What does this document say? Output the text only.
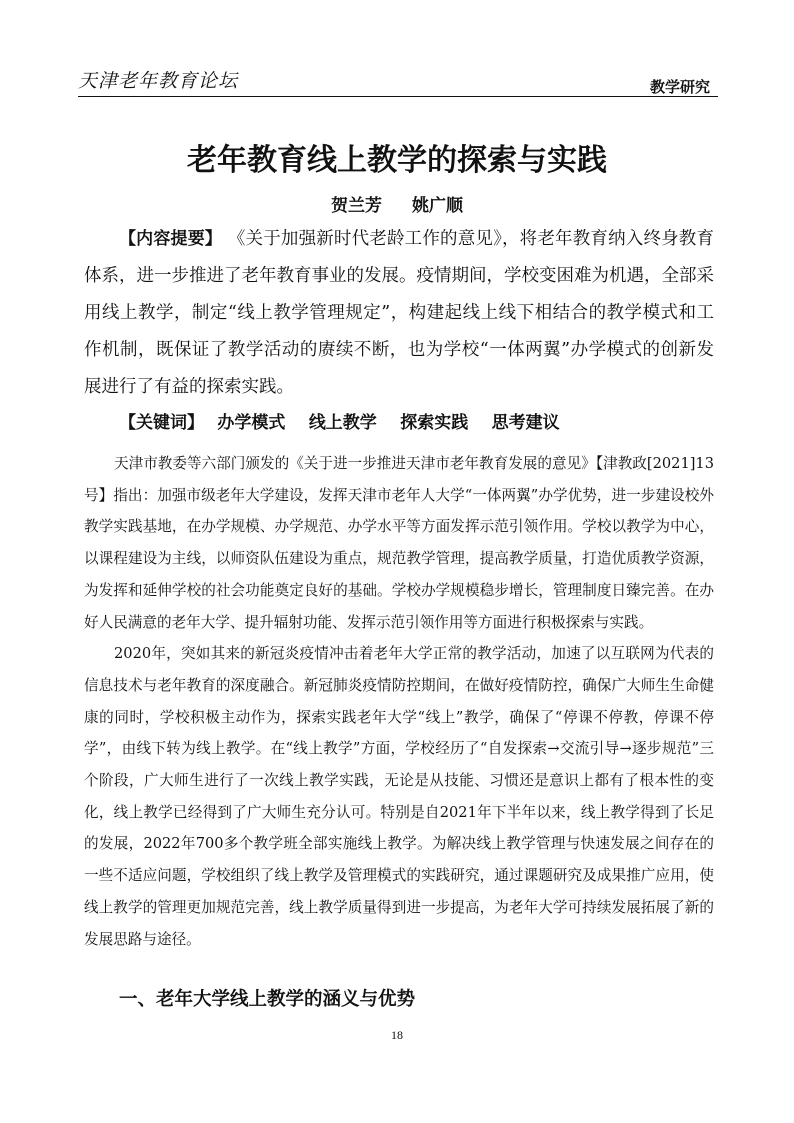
天津老年教育论坛	教学研究
老年教育线上教学的探索与实践
贺兰芳 姚广顺

【内容提要】 《关于加强新时代老龄工作的意见》，将老年教育纳入终身教育体系，进一步推进了老年教育事业的发展。疫情期间，学校变困难为机遇，全部采用线上教学，制定“线上教学管理规定”，构建起线上线下相结合的教学模式和工作机制，既保证了教学活动的赓续不断，也为学校“一体两翼”办学模式的创新发展进行了有益的探索实践。

【关键词】 办学模式 线上教学 探索实践 思考建议

天津市教委等六部门颁发的《关于进一步推进天津市老年教育发展的意见》【津教政[2021]13号】指出：加强市级老年大学建设，发挥天津市老年人大学“一体两翼”办学优势，进一步建设校外教学实践基地，在办学规模、办学规范、办学水平等方面发挥示范引领作用。学校以教学为中心，以课程建设为主线，以师资队伍建设为重点，规范教学管理，提高教学质量，打造优质教学资源，为发挥和延伸学校的社会功能奠定良好的基础。学校办学规模稳步增长，管理制度日臻完善。在办好人民满意的老年大学、提升辐射功能、发挥示范引领作用等方面进行积极探索与实践。

2020年，突如其来的新冠炎疫情冲击着老年大学正常的教学活动，加速了以互联网为代表的信息技术与老年教育的深度融合。新冠肺炎疫情防控期间，在做好疫情防控，确保广大师生生命健康的同时，学校积极主动作为，探索实践老年大学“线上”教学，确保了“停课不停教，停课不停学”，由线下转为线上教学。在“线上教学”方面，学校经历了“自发探索→交流引导→逐步规范”三个阶段，广大师生进行了一次线上教学实践，无论是从技能、习惯还是意识上都有了根本性的变化，线上教学已经得到了广大师生充分认可。特别是自2021年下半年以来，线上教学得到了长足的发展，2022年700多个教学班全部实施线上教学。为解决线上教学管理与快速发展之间存在的一些不适应问题，学校组织了线上教学及管理模式的实践研究，通过课题研究及成果推广应用，使线上教学的管理更加规范完善，线上教学质量得到进一步提高，为老年大学可持续发展拓展了新的发展思路与途径。

一、老年大学线上教学的涵义与优势
18
